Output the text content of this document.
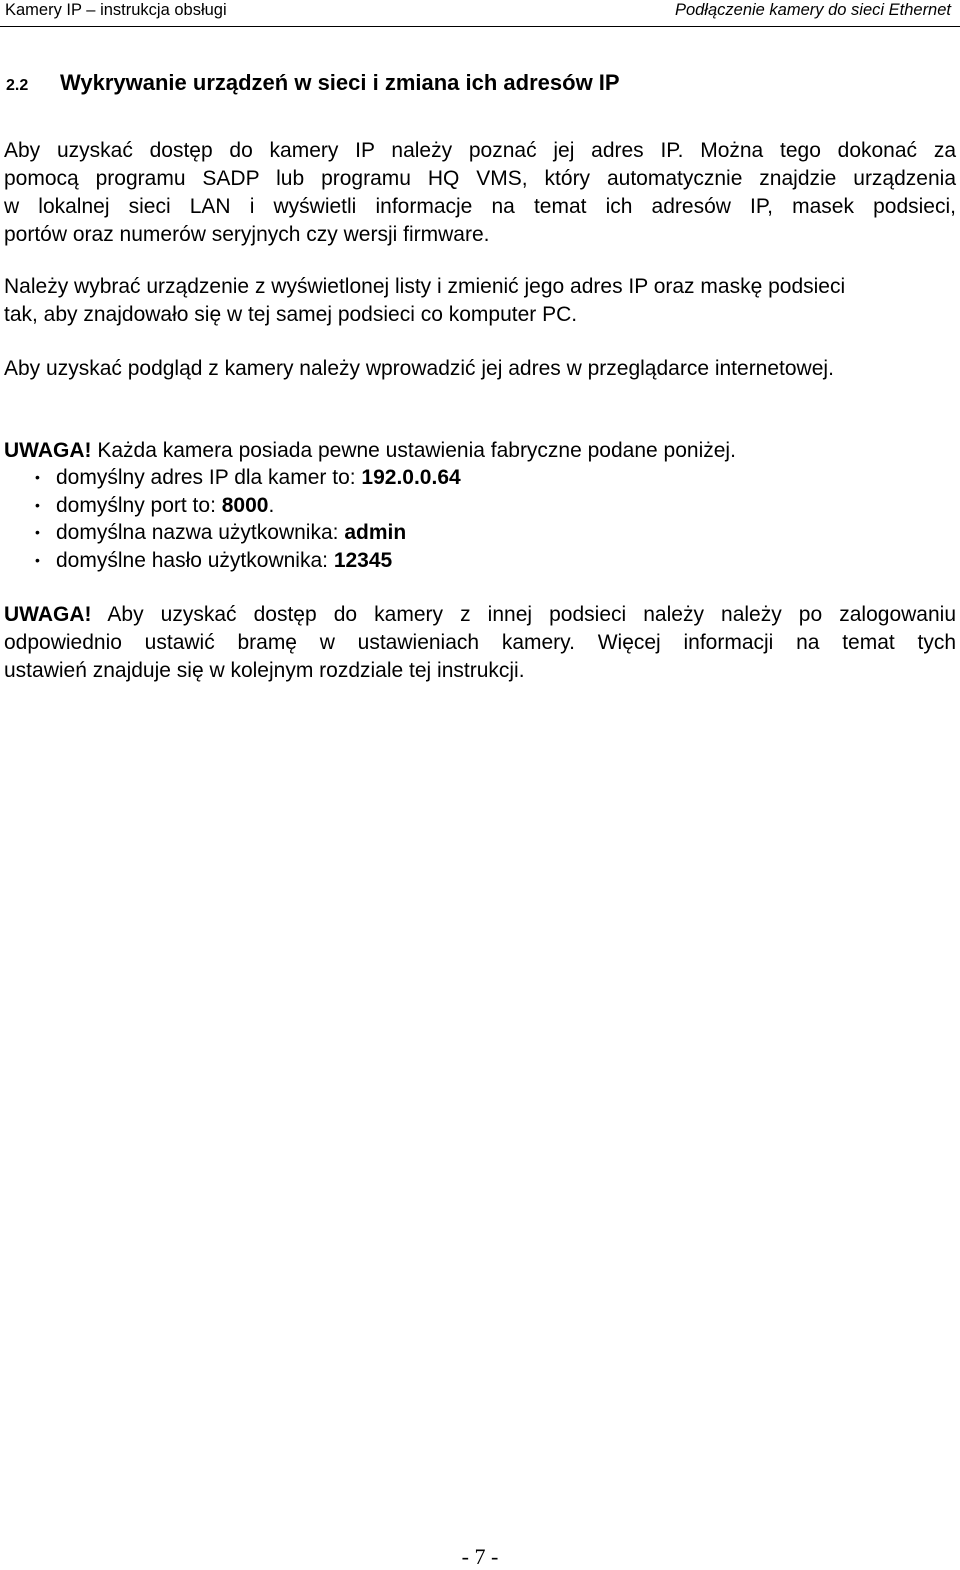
Kamery IP – instrukcja obsługi	Podłączenie kamery do sieci Ethernet
2.2 Wykrywanie urządzeń w sieci i zmiana ich adresów IP
Aby uzyskać dostęp do kamery IP należy poznać jej adres IP. Można tego dokonać za
pomocą programu SADP lub programu HQ VMS, który automatycznie znajdzie urządzenia
w lokalnej sieci LAN i wyświetli informacje na temat ich adresów IP, masek podsieci,
portów oraz numerów seryjnych czy wersji firmware.
Należy wybrać urządzenie z wyświetlonej listy i zmienić jego adres IP oraz maskę podsieci
tak, aby znajdowało się w tej samej podsieci co komputer PC.
Aby uzyskać podgląd z kamery należy wprowadzić jej adres w przeglądarce internetowej.
UWAGA! Każda kamera posiada pewne ustawienia fabryczne podane poniżej.
• domyślny adres IP dla kamer to: 192.0.0.64
• domyślny port to: 8000.
• domyślna nazwa użytkownika: admin
• domyślne hasło użytkownika: 12345
UWAGA! Aby uzyskać dostęp do kamery z innej podsieci należy należy po zalogowaniu
odpowiednio ustawić bramę w ustawieniach kamery. Więcej informacji na temat tych
ustawień znajduje się w kolejnym rozdziale tej instrukcji.
- 7 -
